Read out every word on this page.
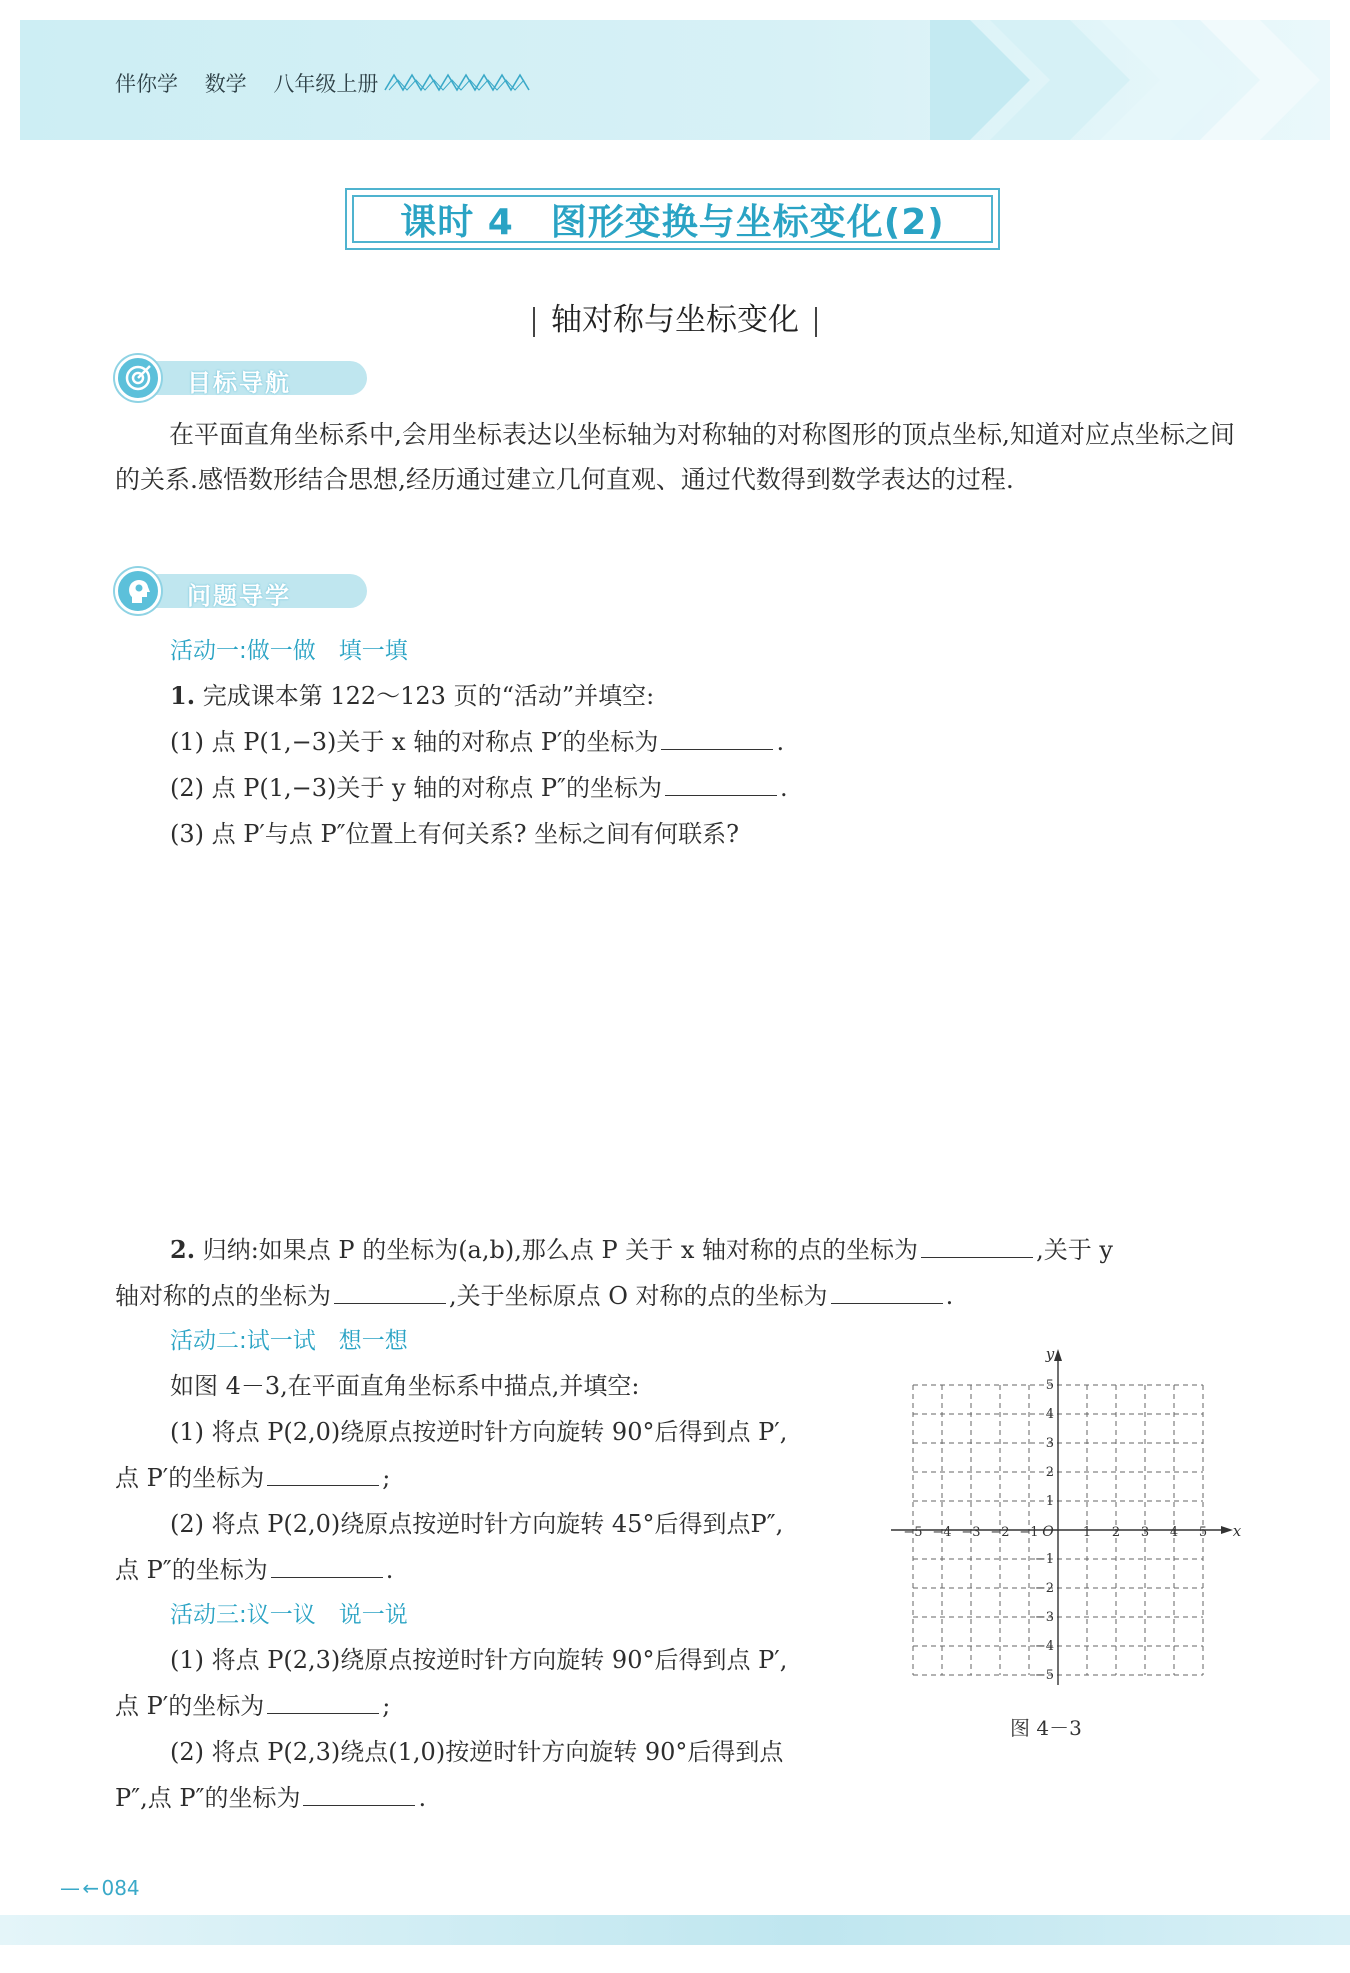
伴你学 数学 八年级上册
课时 4　图形变换与坐标变化(2)
轴对称与坐标变化
目标导航
在平面直角坐标系中,会用坐标表达以坐标轴为对称轴的对称图形的顶点坐标,知道对应点坐标之间的关系.感悟数形结合思想,经历通过建立几何直观、通过代数得到数学表达的过程.
问题导学
活动一:做一做　填一填
1. 完成课本第 122～123 页的“活动”并填空:
(1) 点 P(1,−3)关于 x 轴的对称点 P′的坐标为	.
(2) 点 P(1,−3)关于 y 轴的对称点 P″的坐标为	.
(3) 点 P′与点 P″位置上有何关系? 坐标之间有何联系?
2. 归纳:如果点 P 的坐标为(a,b),那么点 P 关于 x 轴对称的点的坐标为	,关于 y
轴对称的点的坐标为	,关于坐标原点 O 对称的点的坐标为	.
活动二:试一试　想一想
如图 4－3,在平面直角坐标系中描点,并填空:
(1) 将点 P(2,0)绕原点按逆时针方向旋转 90°后得到点 P′,
点 P′的坐标为	;
(2) 将点 P(2,0)绕原点按逆时针方向旋转 45°后得到点P″,
点 P″的坐标为	.
活动三:议一议　说一说
(1) 将点 P(2,3)绕原点按逆时针方向旋转 90°后得到点 P′,
点 P′的坐标为	;
(2) 将点 P(2,3)绕点(1,0)按逆时针方向旋转 90°后得到点
P″,点 P″的坐标为	.
−5 −4 −3 −2 −1	1 2 3 4 5
5
4
3
2
1
−1
−2
−3
−4
−5
O	x
y
图 4－3
— ← 084
